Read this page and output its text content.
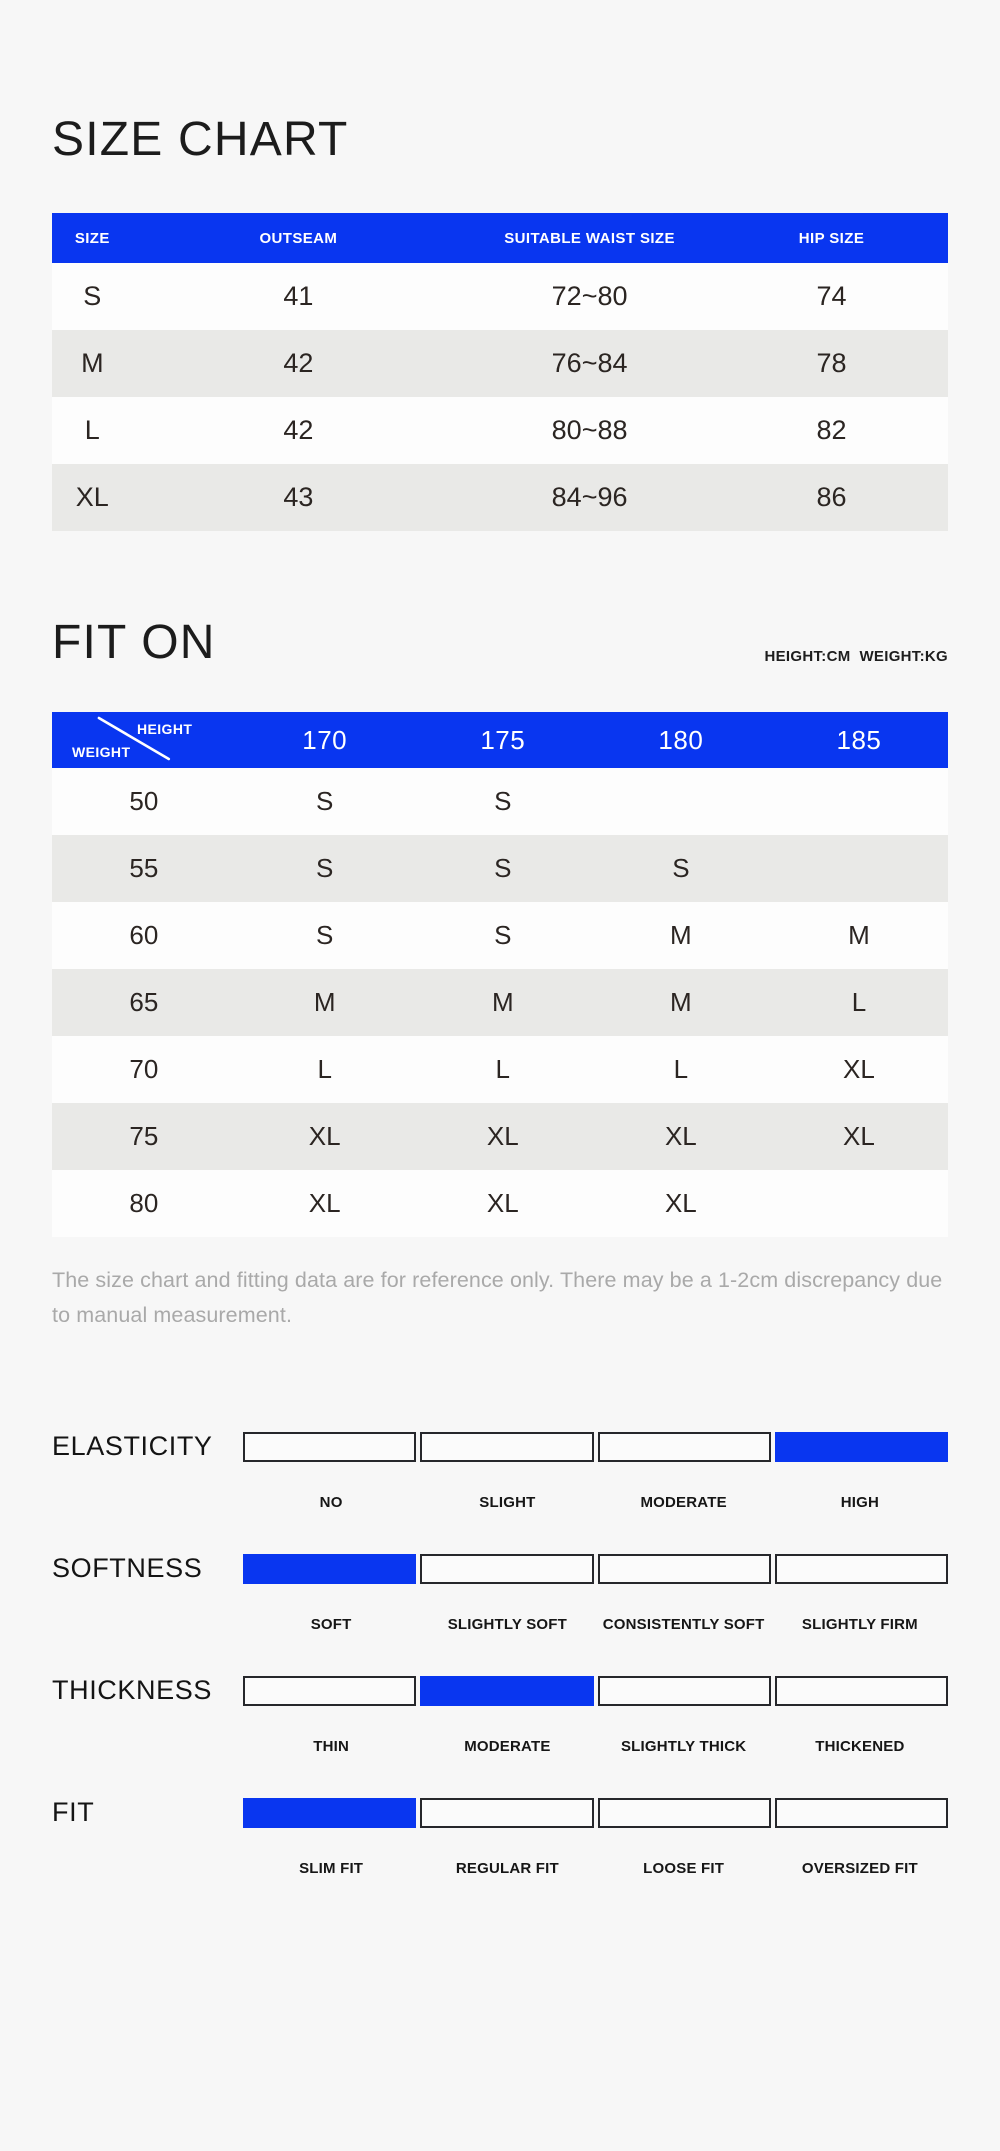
SIZE CHART
SIZE	OUTSEAM	SUITABLE WAIST SIZE	HIP SIZE
S	41	72~80	74
M	42	76~84	78
L	42	80~88	82
XL	43	84~96	86
FIT ON	HEIGHT:CM  WEIGHT:KG
HEIGHT
WEIGHT	170	175	180	185
50	S	S		
55	S	S	S	
60	S	S	M	M
65	M	M	M	L
70	L	L	L	XL
75	XL	XL	XL	XL
80	XL	XL	XL	

The size chart and fitting data are for reference only. There may be a 1-2cm discrepancy due to manual measurement.

ELASTICITY
NO	SLIGHT	MODERATE	HIGH
SOFTNESS
SOFT	SLIGHTLY SOFT	CONSISTENTLY SOFT	SLIGHTLY FIRM
THICKNESS
THIN	MODERATE	SLIGHTLY THICK	THICKENED
FIT
SLIM FIT	REGULAR FIT	LOOSE FIT	OVERSIZED FIT
